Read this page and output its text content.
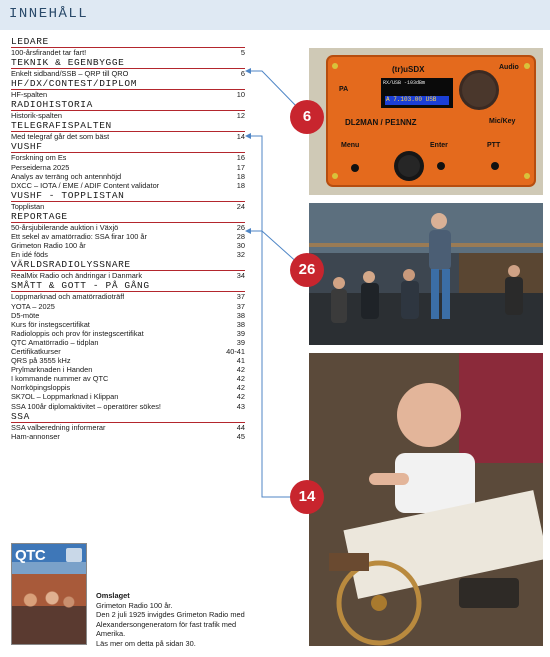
INNEHÅLL
LEDARE
100-årsfirandet tar fart!	5
TEKNIK & EGENBYGGE
Enkelt sidband/SSB – QRP till QRO	6
HF/DX/CONTEST/DIPLOM
HF-spalten	10
RADIOHISTORIA
Historik-spalten	12
TELEGRAFISPALTEN
Med telegraf går det som bäst	14
VUSHF
Forskning om Es	16
Perseiderna 2025	17
Analys av terräng och antennhöjd	18
DXCC – IOTA / EME / ADIF Content validator	18
VUSHF - TOPPLISTAN
Topplistan	24
REPORTAGE
50-årsjubilerande auktion i Växjö	26
Ett sekel av amatörradio: SSA firar 100 år	28
Grimeton Radio 100 år	30
En idé föds	32
VÄRLDSRADIOLYSSNARE
RealMix Radio och ändringar i Danmark	34
SMÅTT & GOTT - PÅ GÅNG
Loppmarknad och amatörradioträff	37
YOTA – 2025	37
D5-möte	38
Kurs för instegscertifikat	38
Radioloppis och prov för instegscertifikat	39
QTC Amatörradio – tidplan	39
Certifikatkurser	40-41
QRS på 3555 kHz	41
Prylmarknaden i Handen	42
I kommande nummer av QTC	42
Norrköpingsloppis	42
SK7OL – Loppmarknad i Klippan	42
SSA 100år diplomaktivitet – operatörer sökes!	43
SSA
SSA valberedning informerar	44
Ham-annonser	45
(tr)uSDX
RX/USB -103dBm
A 7.103.00 USB
DL2MAN / PE1NNZ
PA
Audio
Mic/Key
Menu	Enter	PTT
6
26
14
QTC
Omslaget
Grimeton Radio 100 år.
Den 2 juli 1925 invigdes Grimeton Radio med
Alexandersongeneratorn för fast trafik med
Amerika.
Läs mer om detta på sidan 30.
